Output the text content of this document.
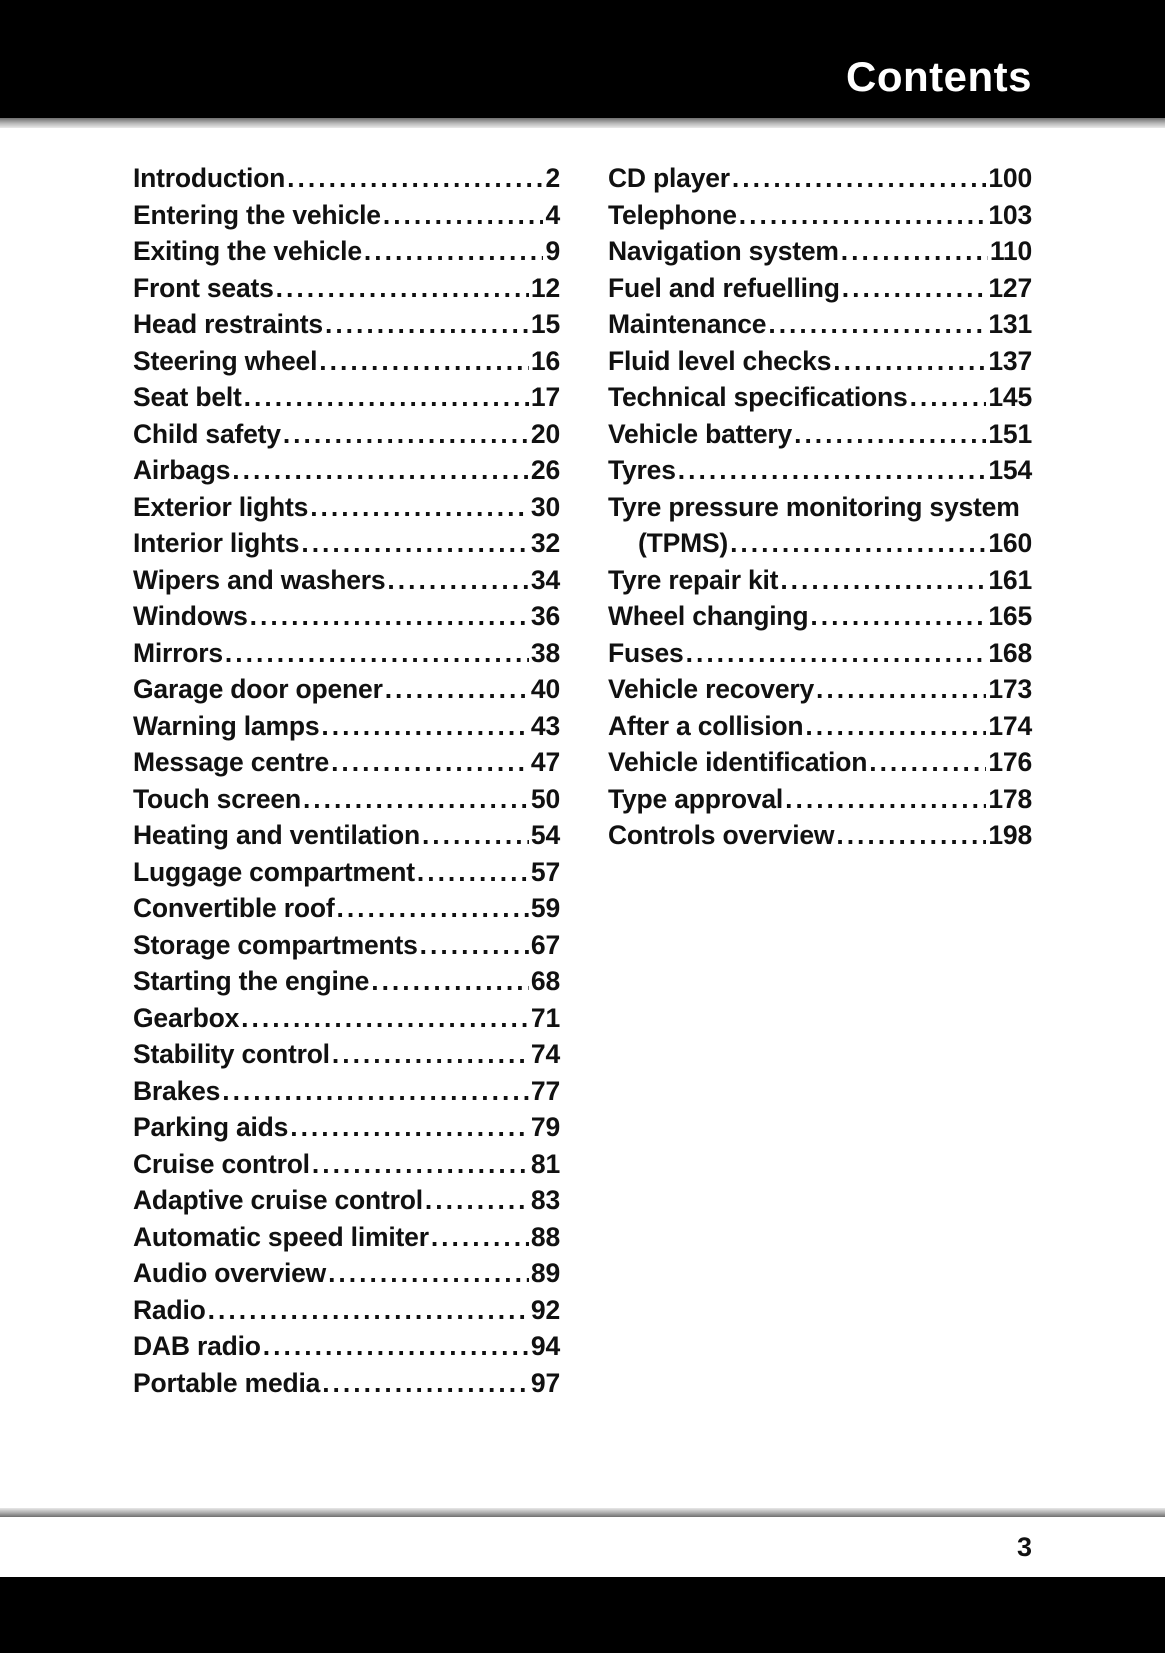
Contents
Introduction .....	2
Entering the vehicle .....	4
Exiting the vehicle .....	9
Front seats .....	12
Head restraints .....	15
Steering wheel .....	16
Seat belt .....	17
Child safety .....	20
Airbags .....	26
Exterior lights .....	30
Interior lights .....	32
Wipers and washers .....	34
Windows .....	36
Mirrors .....	38
Garage door opener .....	40
Warning lamps .....	43
Message centre .....	47
Touch screen .....	50
Heating and ventilation .....	54
Luggage compartment .....	57
Convertible roof .....	59
Storage compartments .....	67
Starting the engine .....	68
Gearbox .....	71
Stability control .....	74
Brakes .....	77
Parking aids .....	79
Cruise control .....	81
Adaptive cruise control .....	83
Automatic speed limiter .....	88
Audio overview .....	89
Radio .....	92
DAB radio .....	94
Portable media .....	97
CD player .....	100
Telephone .....	103
Navigation system .....	110
Fuel and refuelling .....	127
Maintenance .....	131
Fluid level checks .....	137
Technical specifications .....	145
Vehicle battery .....	151
Tyres .....	154
Tyre pressure monitoring system
(TPMS) .....	160
Tyre repair kit .....	161
Wheel changing .....	165
Fuses .....	168
Vehicle recovery .....	173
After a collision .....	174
Vehicle identification .....	176
Type approval .....	178
Controls overview .....	198
3
